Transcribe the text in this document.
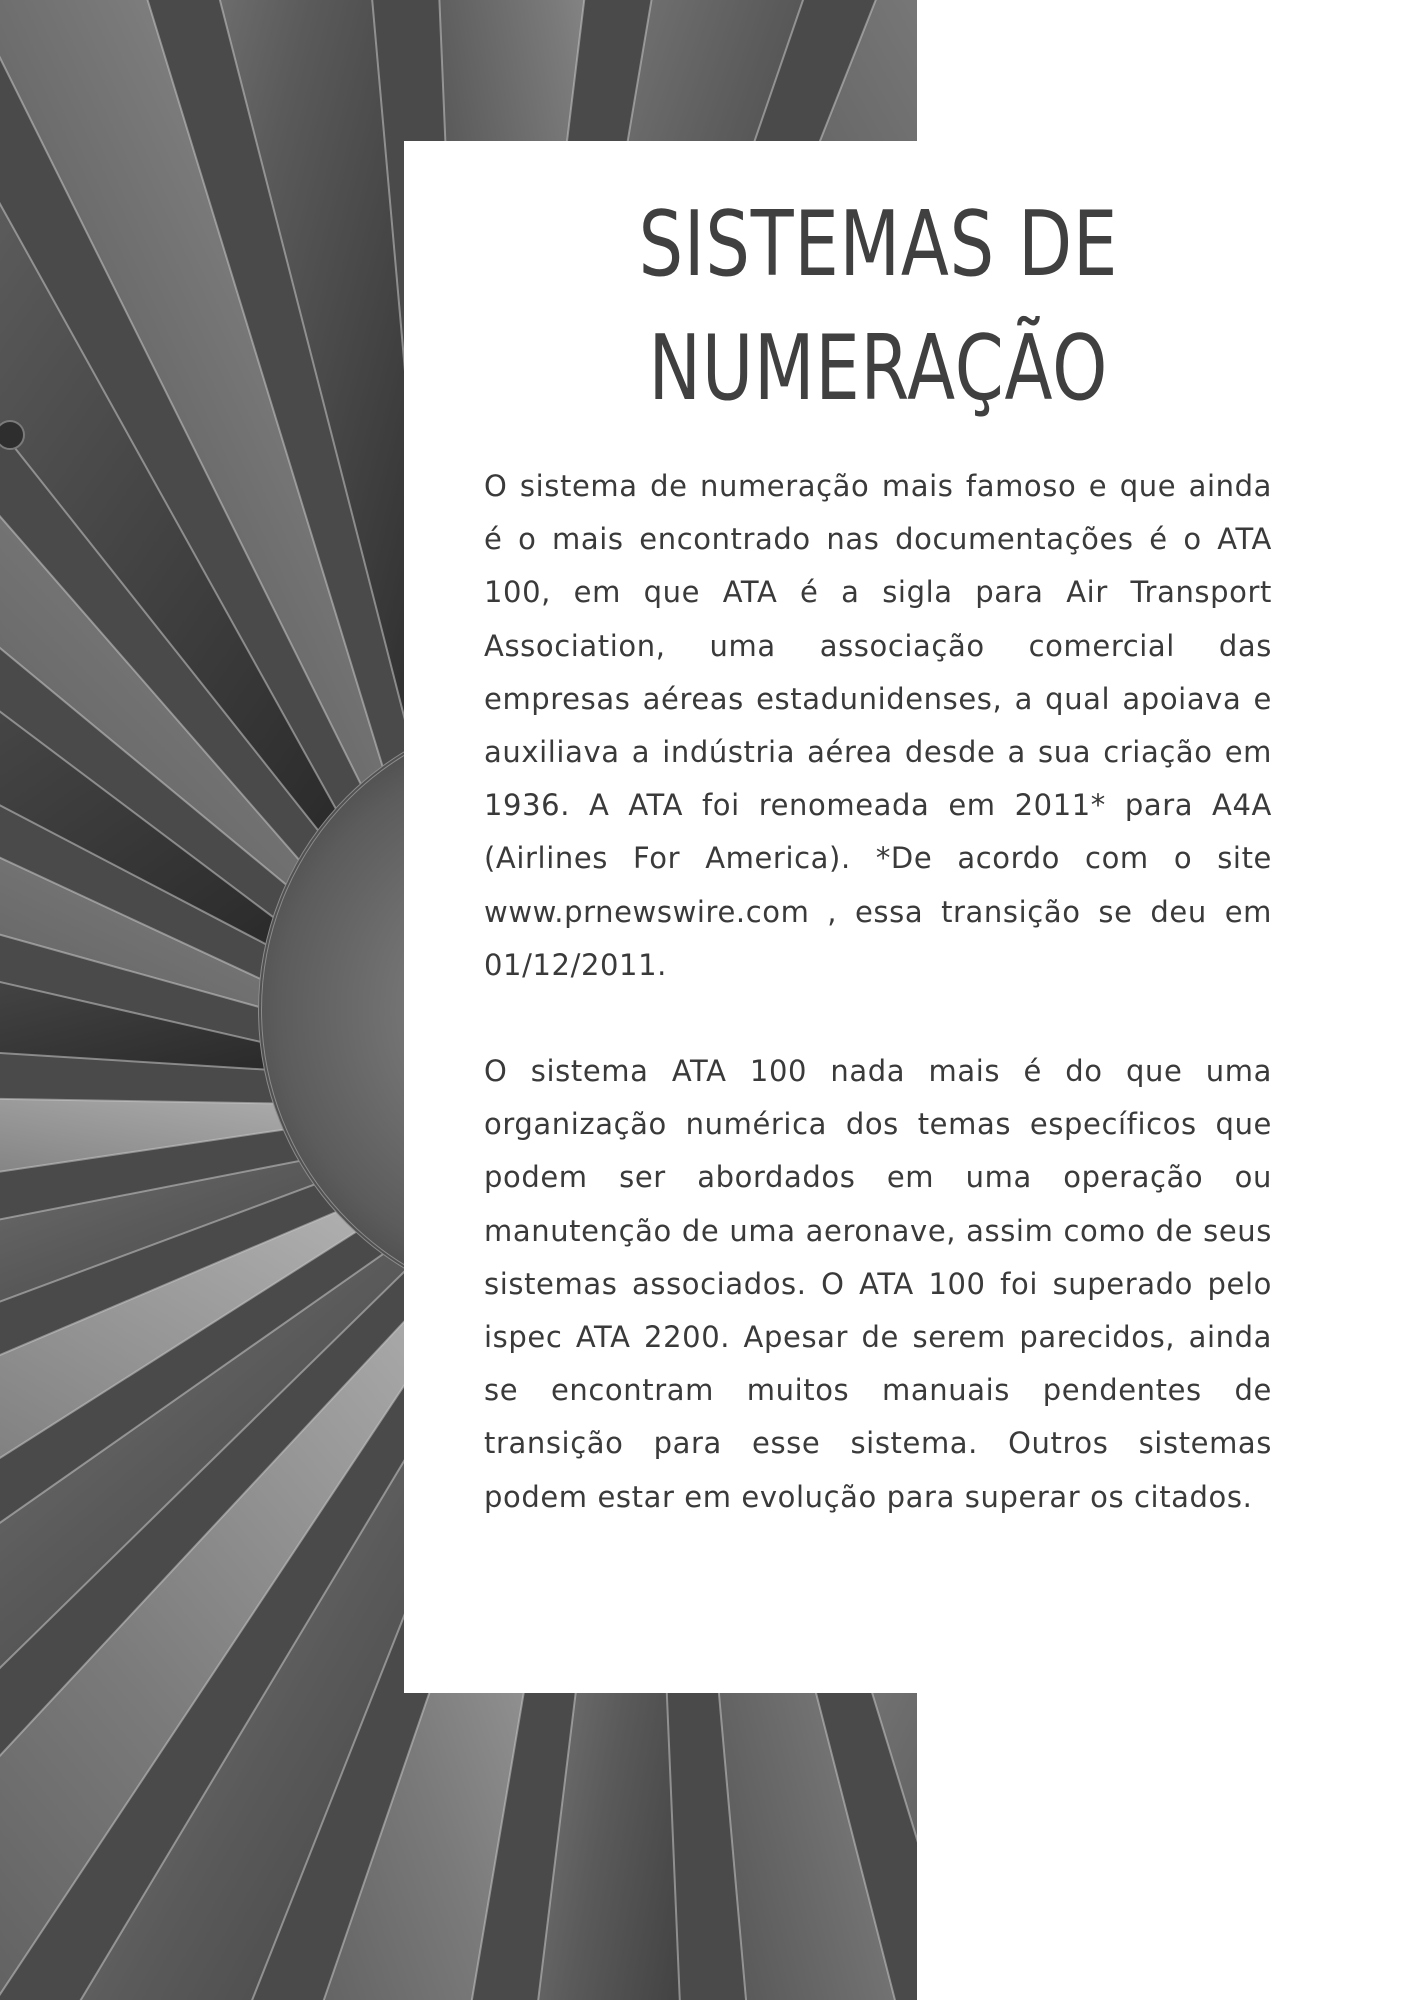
SISTEMAS DE
NUMERAÇÃO

O sistema de numeração mais famoso e que ainda é o mais encontrado nas documentações é o ATA 100, em que ATA é a sigla para Air Transport Association, uma associação comercial das empresas aéreas estadunidenses, a qual apoiava e auxiliava a indústria aérea desde a sua criação em 1936. A ATA foi renomeada em 2011* para A4A (Airlines For America). *De acordo com o site www.prnewswire.com , essa transição se deu em 01/12/2011.

O sistema ATA 100 nada mais é do que uma organização numérica dos temas específicos que podem ser abordados em uma operação ou manutenção de uma aeronave, assim como de seus sistemas associados. O ATA 100 foi superado pelo ispec ATA 2200. Apesar de serem parecidos, ainda se encontram muitos manuais pendentes de transição para esse sistema. Outros sistemas podem estar em evolução para superar os citados.
